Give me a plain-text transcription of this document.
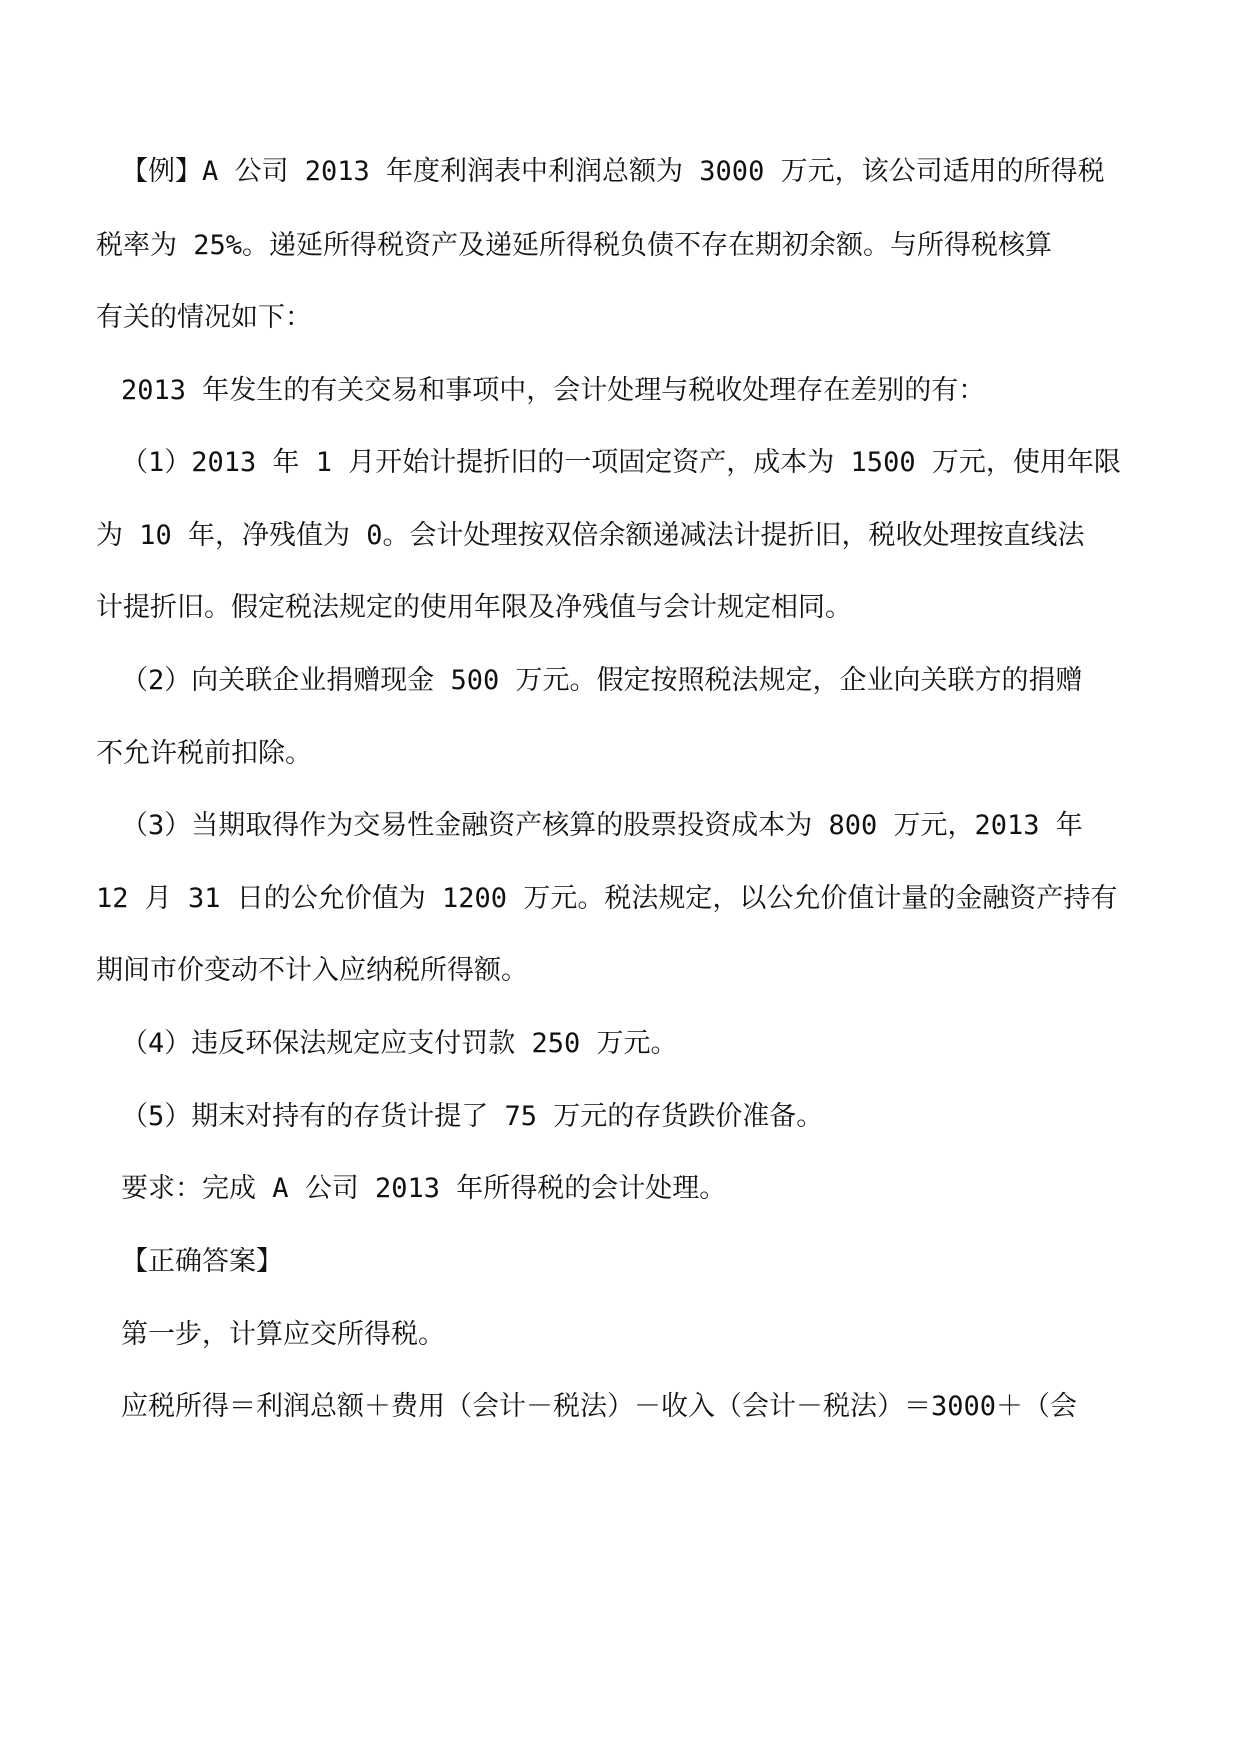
【例】A 公司 2013 年度利润表中利润总额为 3000 万元，该公司适用的所得税
税率为 25%。递延所得税资产及递延所得税负债不存在期初余额。与所得税核算
有关的情况如下：
2013 年发生的有关交易和事项中，会计处理与税收处理存在差别的有：
（1）2013 年 1 月开始计提折旧的一项固定资产，成本为 1500 万元，使用年限
为 10 年，净残值为 0。会计处理按双倍余额递减法计提折旧，税收处理按直线法
计提折旧。假定税法规定的使用年限及净残值与会计规定相同。
（2）向关联企业捐赠现金 500 万元。假定按照税法规定，企业向关联方的捐赠
不允许税前扣除。
（3）当期取得作为交易性金融资产核算的股票投资成本为 800 万元，2013 年
12 月 31 日的公允价值为 1200 万元。税法规定，以公允价值计量的金融资产持有
期间市价变动不计入应纳税所得额。
（4）违反环保法规定应支付罚款 250 万元。
（5）期末对持有的存货计提了 75 万元的存货跌价准备。
要求：完成 A 公司 2013 年所得税的会计处理。
【正确答案】
第一步，计算应交所得税。
应税所得＝利润总额＋费用（会计－税法）－收入（会计－税法）＝3000＋（会
